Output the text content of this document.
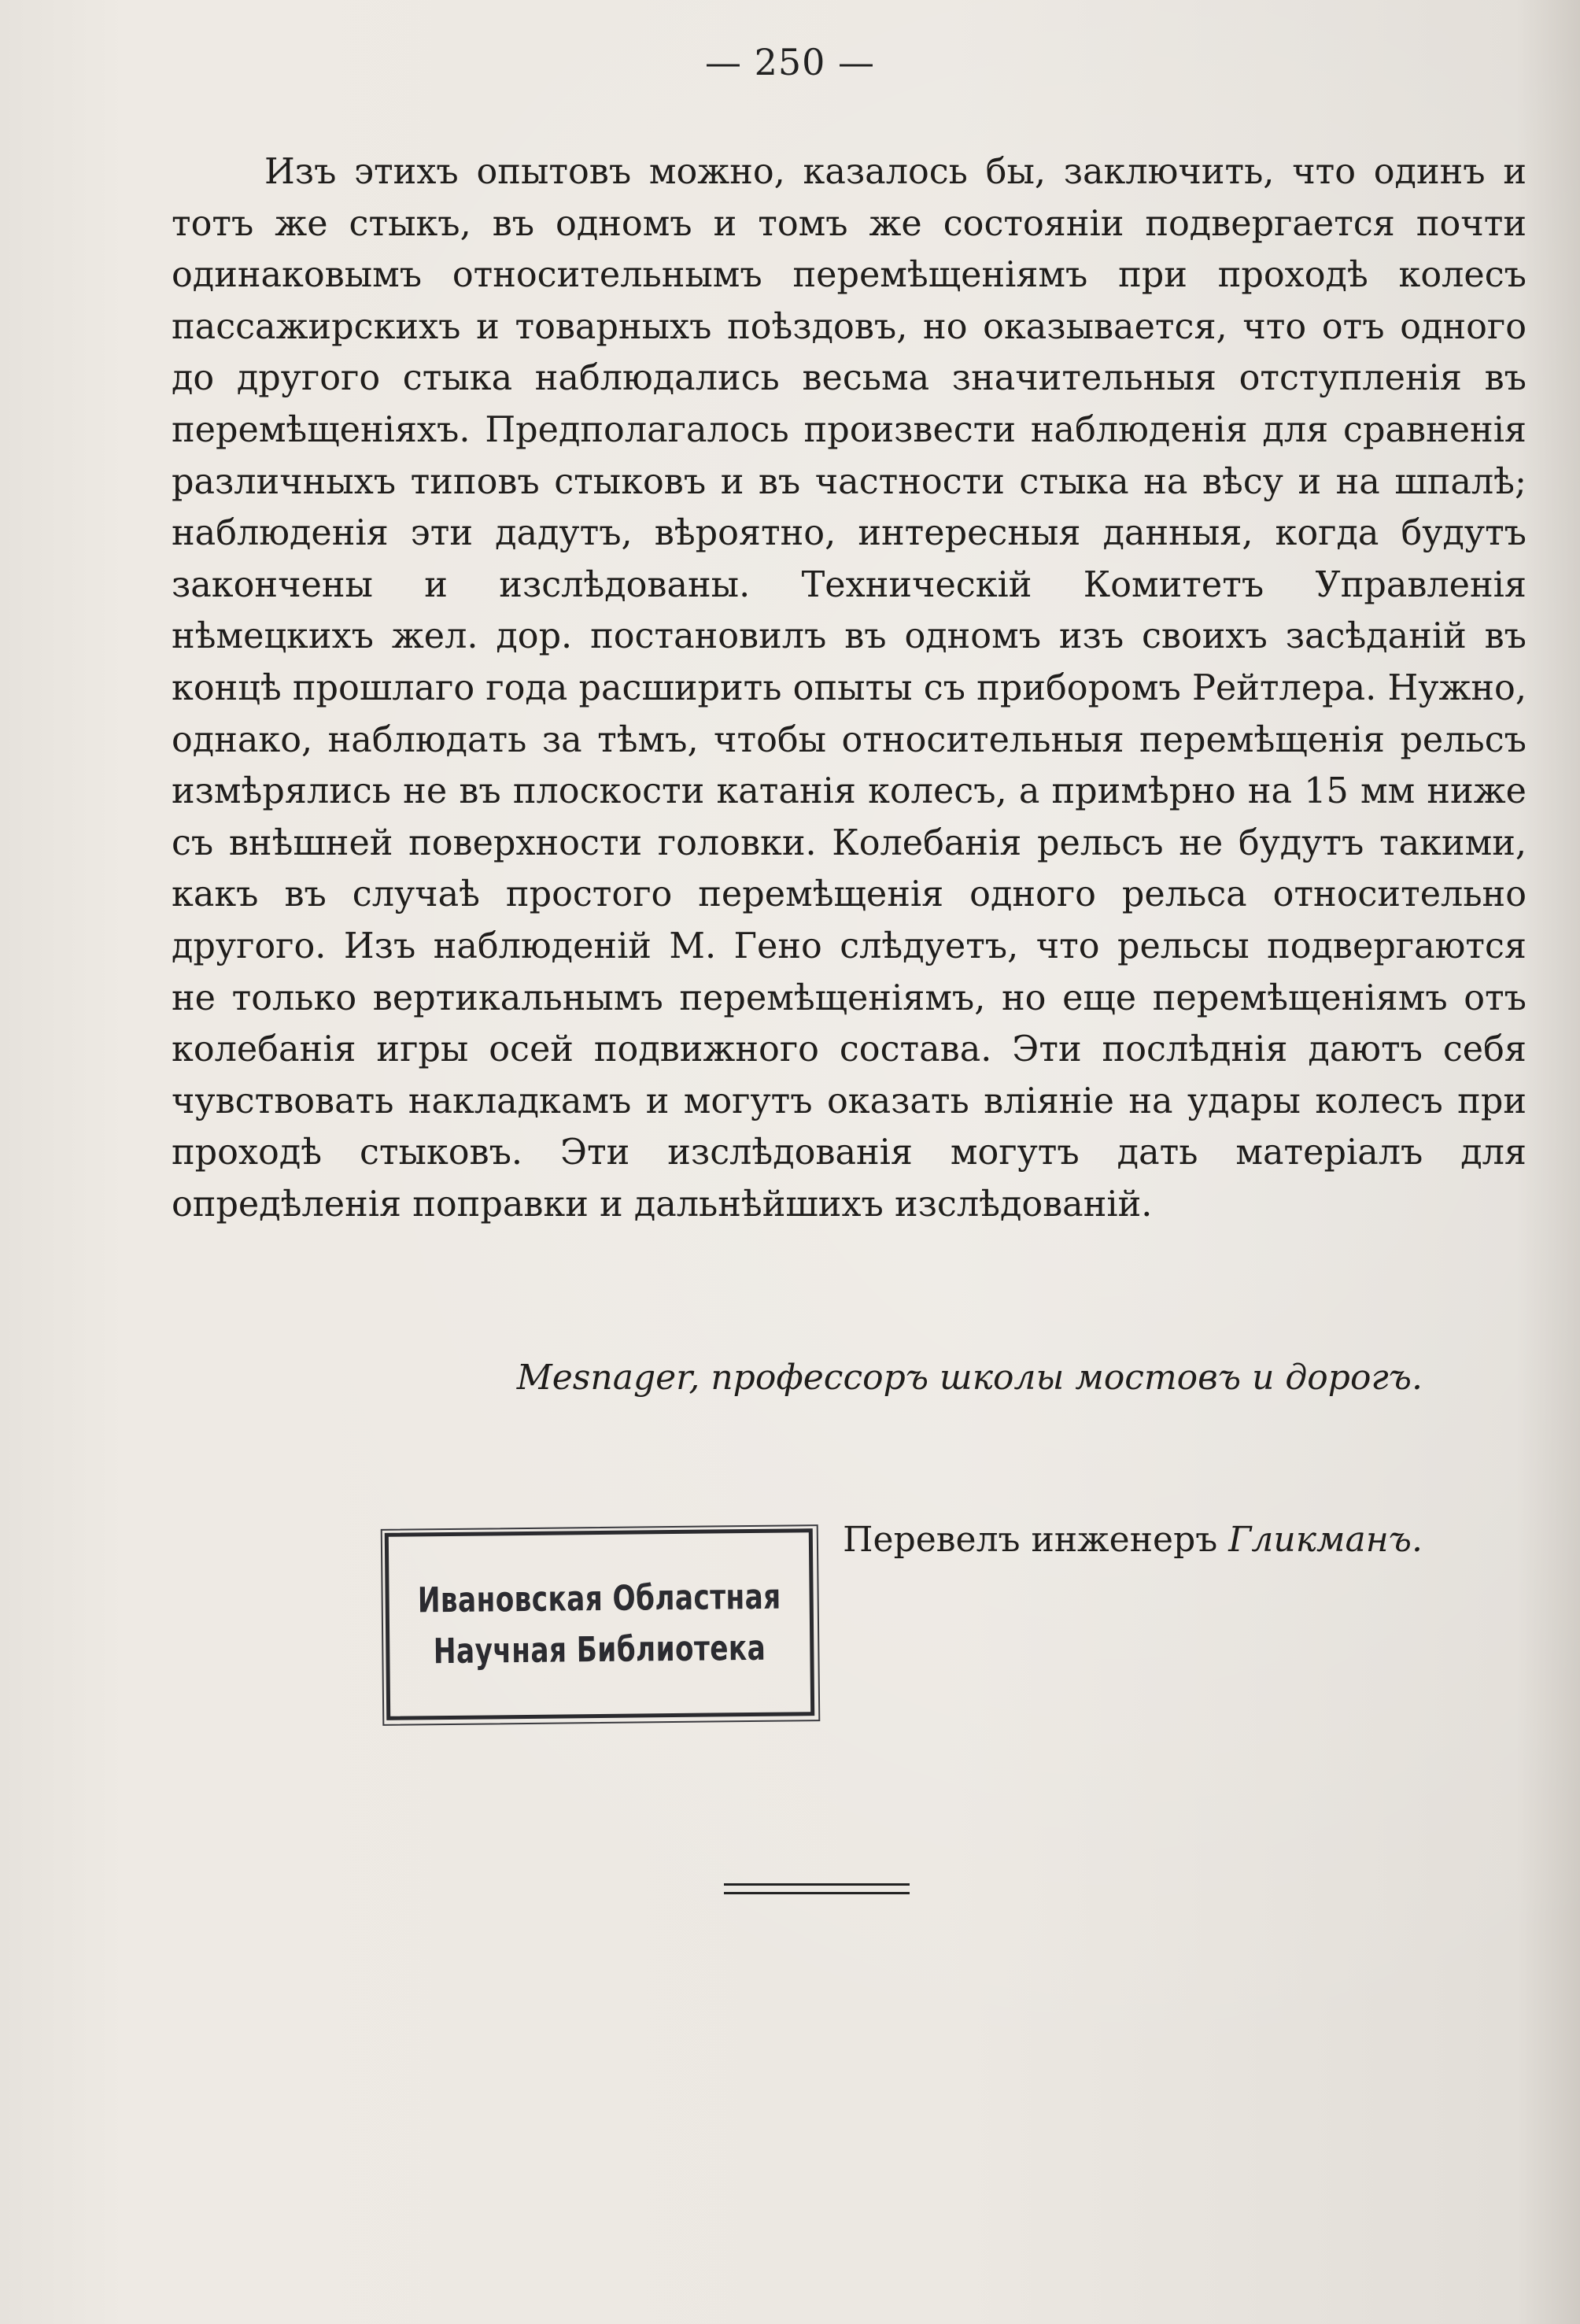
— 250 —

Изъ этихъ опытовъ можно, казалось бы, заключить, что одинъ и тотъ же стыкъ, въ одномъ и томъ же состоянiи подвергается почти одинаковымъ относительнымъ перемѣщенiямъ при проходѣ колесъ пассажирскихъ и товарныхъ поѣздовъ, но оказывается, что отъ одного до другого стыка наблюдались весьма значительныя отступленiя въ перемѣщенiяхъ. Предполагалось произвести наблюденiя для сравненiя различныхъ типовъ стыковъ и въ частности стыка на вѣсу и на шпалѣ; наблюденiя эти дадутъ, вѣроятно, интересныя данныя, когда будутъ закончены и изслѣдованы. Техническiй Комитетъ Управленiя нѣмецкихъ жел. дор. постановилъ въ одномъ изъ своихъ засѣданiй въ концѣ прошлаго года расширить опыты съ приборомъ Рейтлера. Нужно, однако, наблюдать за тѣмъ, чтобы относительныя перемѣщенiя рельсъ измѣрялись не въ плоскости катанiя колесъ, а примѣрно на 15 мм ниже съ внѣшней поверхности головки. Колебанiя рельсъ не будутъ такими, какъ въ случаѣ простого перемѣщенiя одного рельса относительно другого. Изъ наблюденiй М. Гено слѣдуетъ, что рельсы подвергаются не только вертикальнымъ перемѣщенiямъ, но еще перемѣщенiямъ отъ колебанiя игры осей подвижного состава. Эти послѣднiя даютъ себя чувствовать накладкамъ и могутъ оказать влiянiе на удары колесъ при проходѣ стыковъ. Эти изслѣдованiя могутъ дать матерiалъ для опредѣленiя поправки и дальнѣйшихъ изслѣдованiй.

Mesnager, профессоръ школы мостовъ и дорогъ.
Перевелъ инженеръ Гликманъ.
Ивановская Областная
Научная Библиотека
